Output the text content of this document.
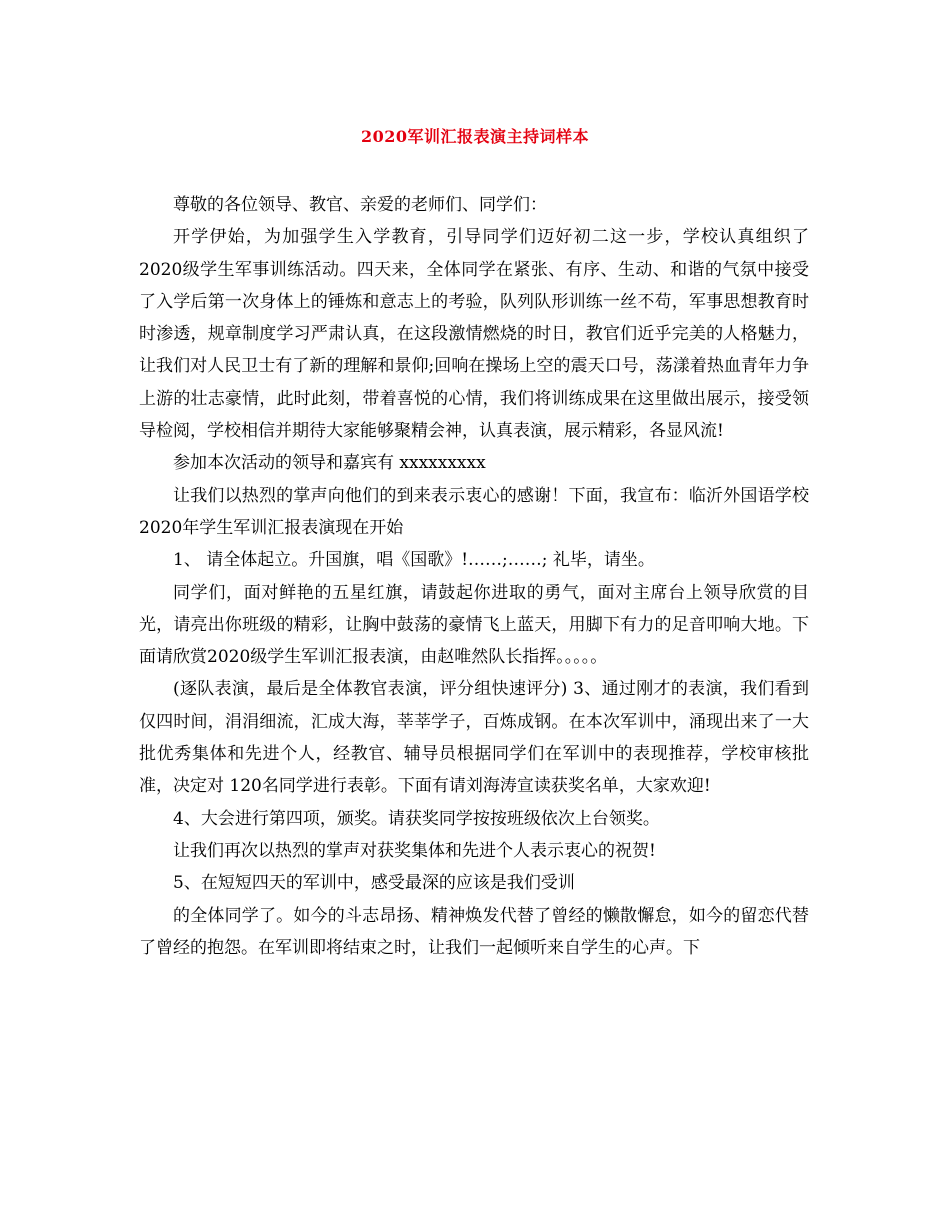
2020军训汇报表演主持词样本

尊敬的各位领导、教官、亲爱的老师们、同学们：

开学伊始，为加强学生入学教育，引导同学们迈好初二这一步，学校认真组织了2020级学生军事训练活动。四天来，全体同学在紧张、有序、生动、和谐的气氛中接受了入学后第一次身体上的锤炼和意志上的考验，队列队形训练一丝不苟，军事思想教育时时渗透，规章制度学习严肃认真，在这段激情燃烧的时日，教官们近乎完美的人格魅力，让我们对人民卫士有了新的理解和景仰;回响在操场上空的震天口号，荡漾着热血青年力争上游的壮志豪情，此时此刻，带着喜悦的心情，我们将训练成果在这里做出展示，接受领导检阅，学校相信并期待大家能够聚精会神，认真表演，展示精彩，各显风流!

参加本次活动的领导和嘉宾有 xxxxxxxxx

让我们以热烈的掌声向他们的到来表示衷心的感谢！下面，我宣布：临沂外国语学校2020年学生军训汇报表演现在开始

1、 请全体起立。升国旗，唱《国歌》!……;……; 礼毕，请坐。

同学们，面对鲜艳的五星红旗，请鼓起你进取的勇气，面对主席台上领导欣赏的目光，请亮出你班级的精彩，让胸中鼓荡的豪情飞上蓝天，用脚下有力的足音叩响大地。下面请欣赏2020级学生军训汇报表演，由赵唯然队长指挥。。。。。

(逐队表演，最后是全体教官表演，评分组快速评分) 3、通过刚才的表演，我们看到仅四时间，涓涓细流，汇成大海，莘莘学子，百炼成钢。在本次军训中，涌现出来了一大批优秀集体和先进个人，经教官、辅导员根据同学们在军训中的表现推荐，学校审核批准，决定对 120名同学进行表彰。下面有请刘海涛宣读获奖名单，大家欢迎!

4、大会进行第四项，颁奖。请获奖同学按按班级依次上台领奖。

让我们再次以热烈的掌声对获奖集体和先进个人表示衷心的祝贺!

5、在短短四天的军训中，感受最深的应该是我们受训

的全体同学了。如今的斗志昂扬、精神焕发代替了曾经的懒散懈怠，如今的留恋代替了曾经的抱怨。在军训即将结束之时，让我们一起倾听来自学生的心声。下
